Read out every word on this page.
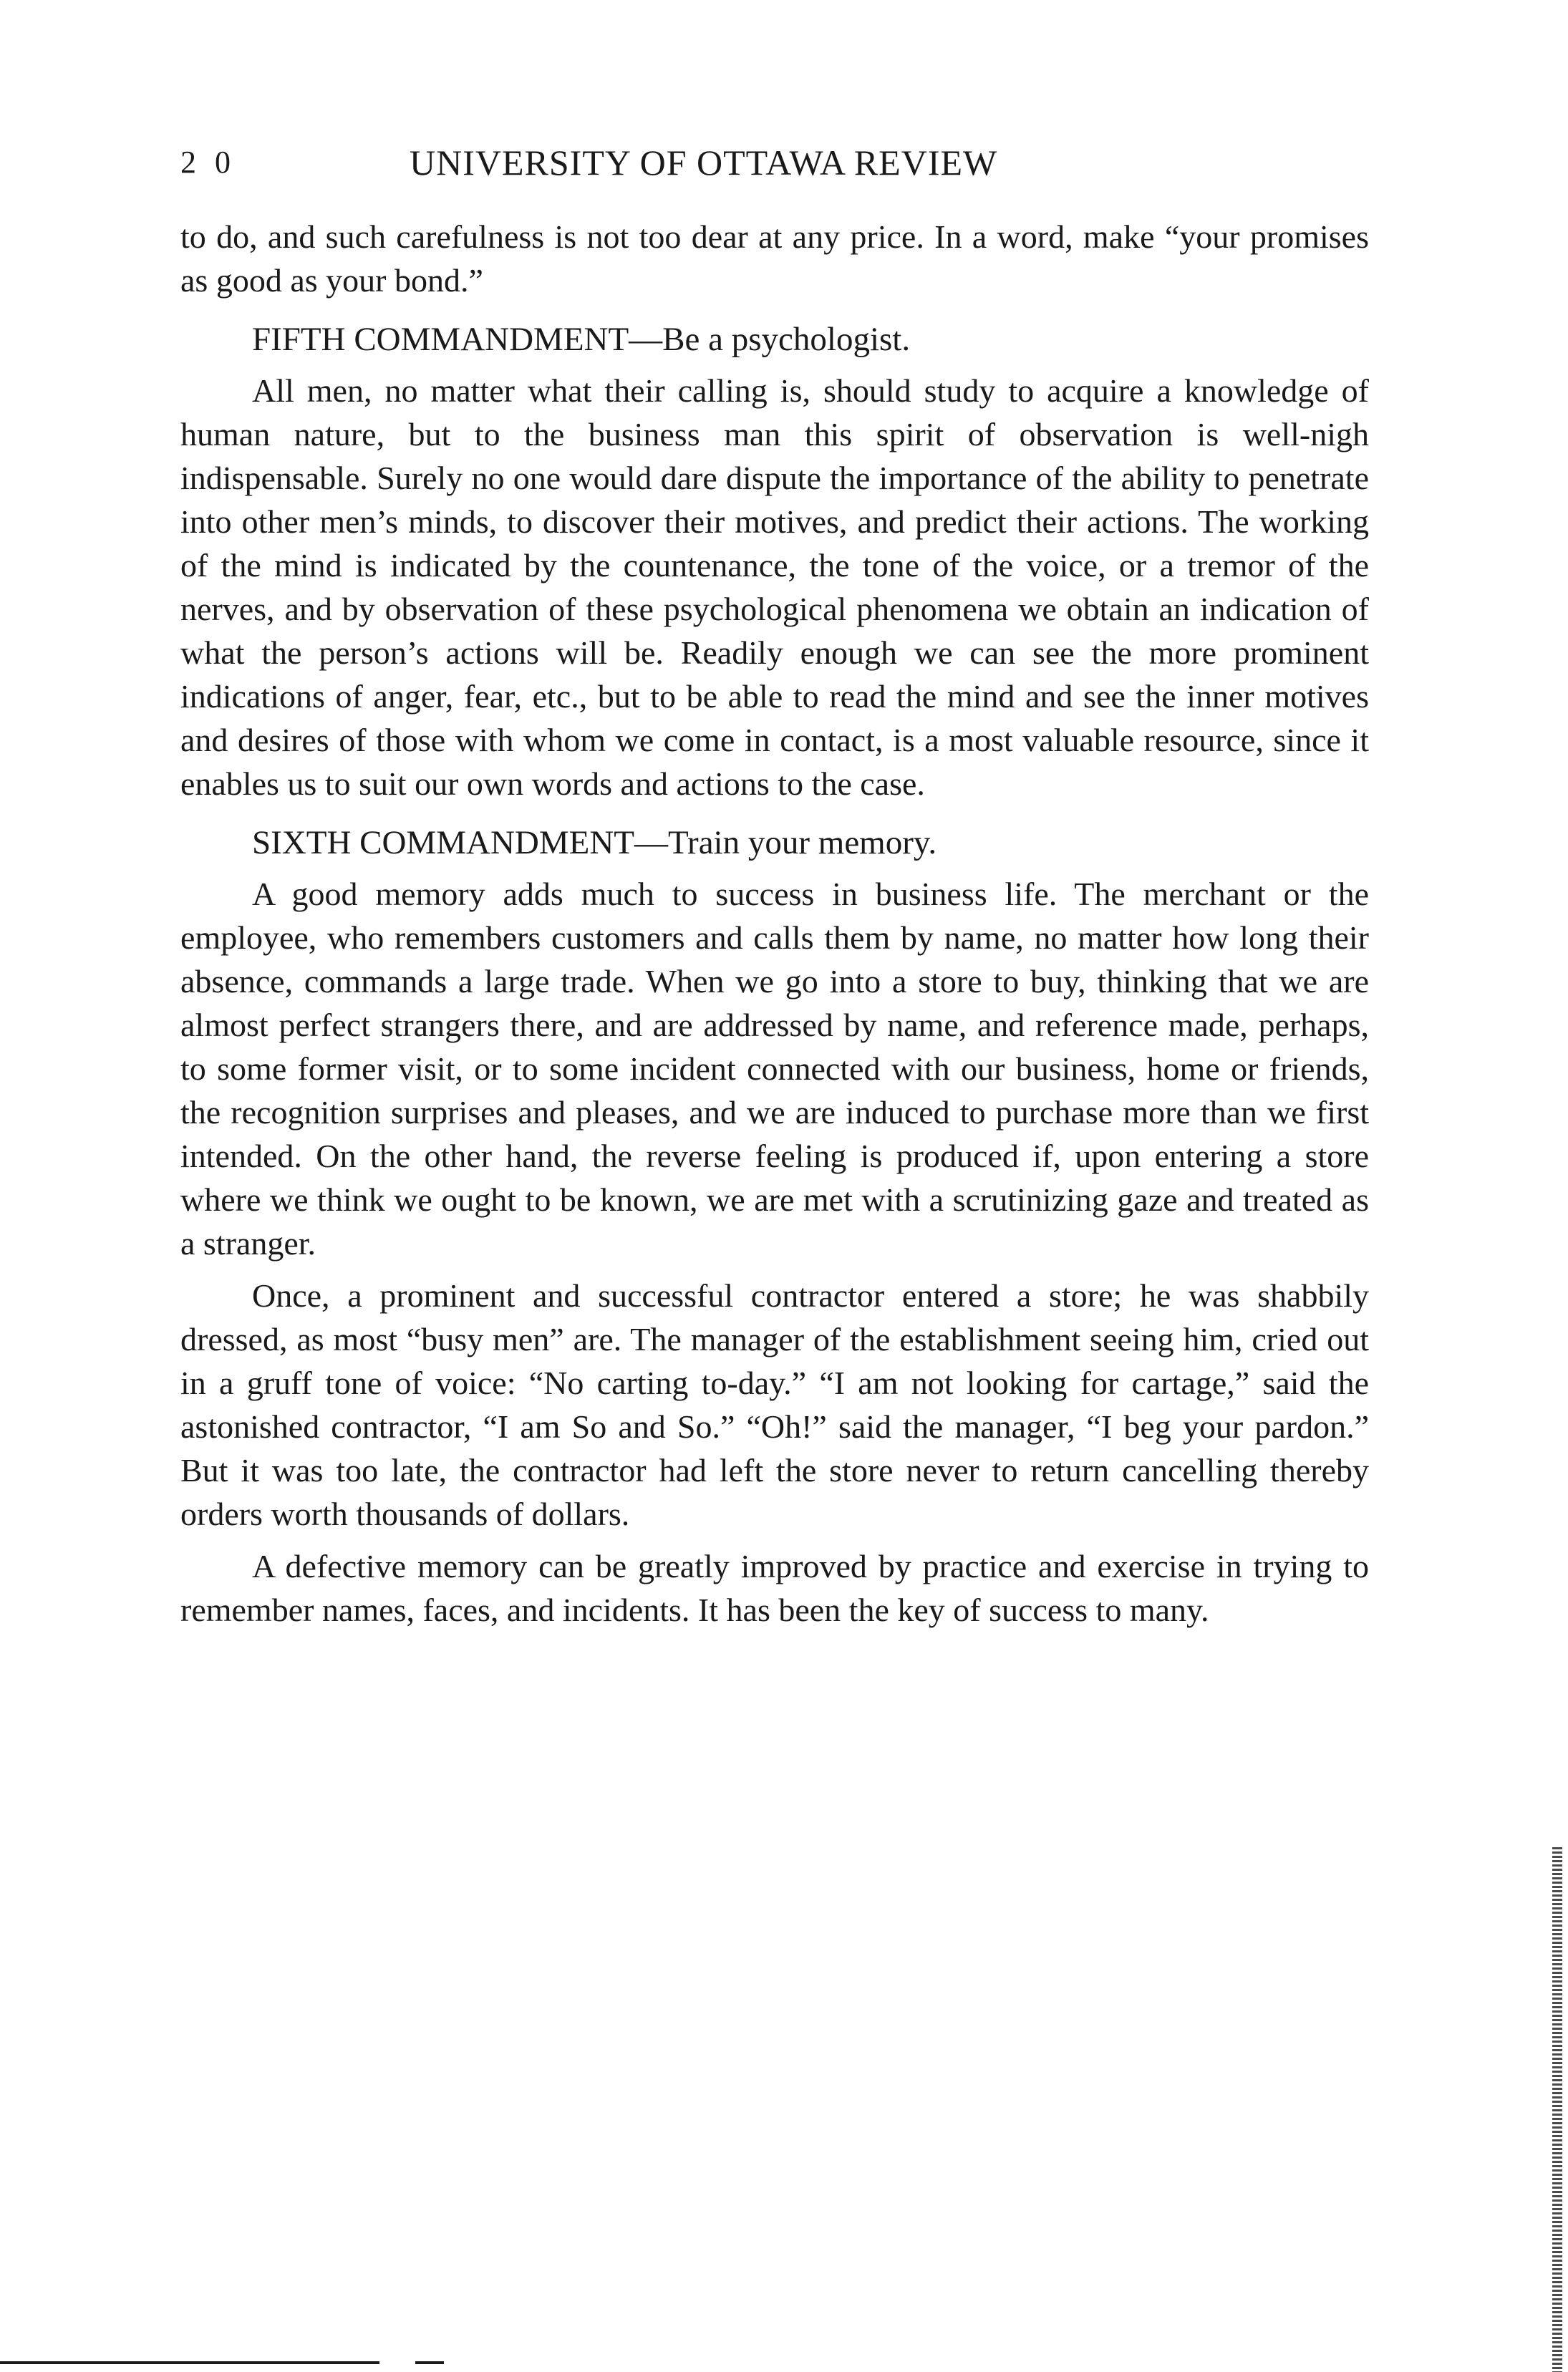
20	UNIVERSITY OF OTTAWA REVIEW

to do, and such carefulness is not too dear at any price. In a word, make “your promises as good as your bond.”

FIFTH COMMANDMENT—Be a psychologist.

All men, no matter what their calling is, should study to acquire a knowledge of human nature, but to the business man this spirit of observation is well-nigh indispensable. Surely no one would dare dispute the importance of the ability to penetrate into other men’s minds, to discover their motives, and predict their actions. The working of the mind is indicated by the countenance, the tone of the voice, or a tremor of the nerves, and by observation of these psychological phenomena we obtain an indication of what the person’s actions will be. Readily enough we can see the more prominent indications of anger, fear, etc., but to be able to read the mind and see the inner motives and desires of those with whom we come in contact, is a most valuable resource, since it enables us to suit our own words and actions to the case.

SIXTH COMMANDMENT—Train your memory.

A good memory adds much to success in business life. The merchant or the employee, who remembers customers and calls them by name, no matter how long their absence, commands a large trade. When we go into a store to buy, thinking that we are almost perfect strangers there, and are addressed by name, and reference made, perhaps, to some former visit, or to some incident connected with our business, home or friends, the recognition surprises and pleases, and we are induced to purchase more than we first intended. On the other hand, the reverse feeling is produced if, upon entering a store where we think we ought to be known, we are met with a scrutinizing gaze and treated as a stranger.

Once, a prominent and successful contractor entered a store; he was shabbily dressed, as most “busy men” are. The manager of the establishment seeing him, cried out in a gruff tone of voice: “No carting to-day.” “I am not looking for cartage,” said the astonished contractor, “I am So and So.” “Oh!” said the manager, “I beg your pardon.” But it was too late, the contractor had left the store never to return cancelling thereby orders worth thousands of dollars.

A defective memory can be greatly improved by practice and exercise in trying to remember names, faces, and incidents. It has been the key of success to many.
